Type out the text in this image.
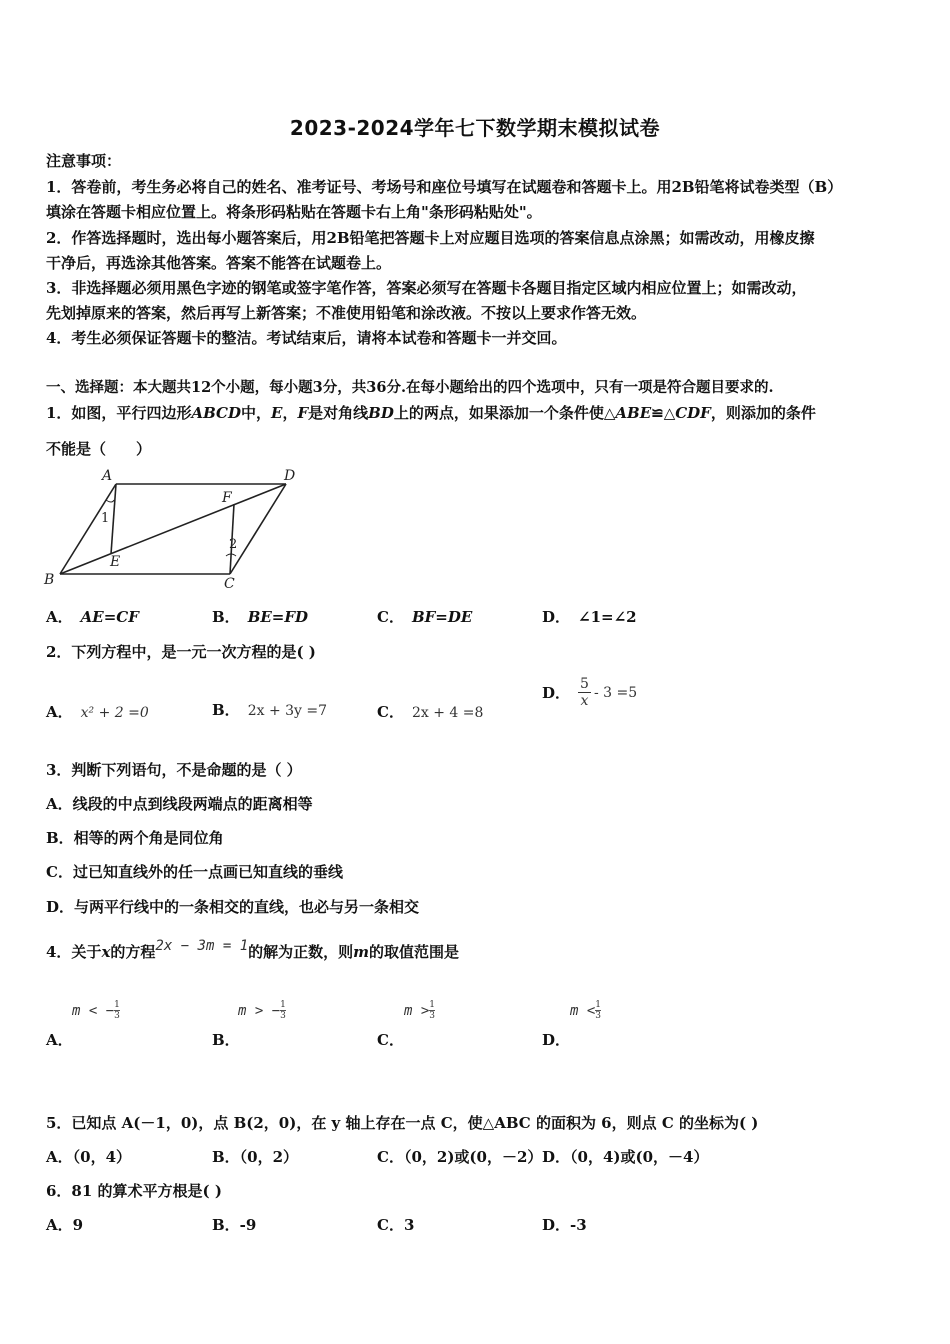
2023-2024学年七下数学期末模拟试卷
注意事项：
1．答卷前，考生务必将自己的姓名、准考证号、考场号和座位号填写在试题卷和答题卡上。用2B铅笔将试卷类型（B）
填涂在答题卡相应位置上。将条形码粘贴在答题卡右上角"条形码粘贴处"。
2．作答选择题时，选出每小题答案后，用2B铅笔把答题卡上对应题目选项的答案信息点涂黑；如需改动，用橡皮擦
干净后，再选涂其他答案。答案不能答在试题卷上。
3．非选择题必须用黑色字迹的钢笔或签字笔作答，答案必须写在答题卡各题目指定区域内相应位置上；如需改动，
先划掉原来的答案，然后再写上新答案；不准使用铅笔和涂改液。不按以上要求作答无效。
4．考生必须保证答题卡的整洁。考试结束后，请将本试卷和答题卡一并交回。
一、选择题：本大题共12个小题，每小题3分，共36分.在每小题给出的四个选项中，只有一项是符合题目要求的.
1．如图，平行四边形ABCD中，E，F是对角线BD上的两点，如果添加一个条件使△ABE≌△CDF，则添加的条件
不能是（　　）
A	D
B	C
E
F
1
2
A． AE=CF	B． BE=FD	C． BF=DE	D． ∠1=∠2
2．下列方程中，是一元一次方程的是( )
A． x² + 2 =0	B． 2x + 3y =7	C． 2x + 4 =8
D． $\frac{5}{x} - 3 =5$
3．判断下列语句，不是命题的是（ ）
A．线段的中点到线段两端点的距离相等
B．相等的两个角是同位角
C．过已知直线外的任一点画已知直线的垂线
D．与两平行线中的一条相交的直线，也必与另一条相交
4．关于x的方程2x − 3m = 1的解为正数，则m的取值范围是
m < − $\frac{1}{3}$	m > − $\frac{1}{3}$	$m > \frac{1}{3}$	$m < \frac{1}{3}$
A．	B．	C．	D．
5．已知点 A(－1，0)，点 B(2，0)，在 y 轴上存在一点 C，使△ABC 的面积为 6，则点 C 的坐标为( )
A．（0，4）	B．（0，2）	C．（0，2)或(0，－2） D．（0，4)或(0，－4）
6．81 的算术平方根是( )
A．9	B．-9	C．3	D．-3
